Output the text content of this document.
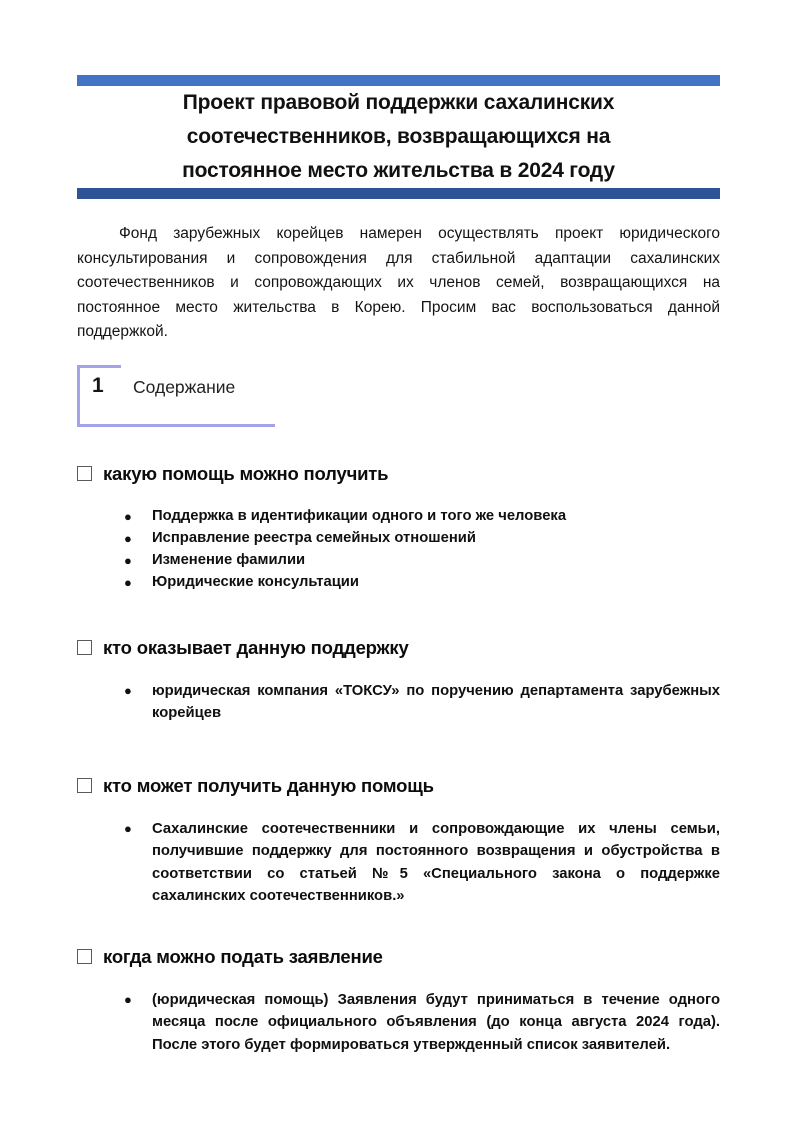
Проект правовой поддержки сахалинских
соотечественников, возвращающихся на
постоянное место жительства в 2024 году

Фонд зарубежных корейцев намерен осуществлять проект юридического консультирования и сопровождения для стабильной адаптации сахалинских соотечественников и сопровождающих их членов семей, возвращающихся на постоянное место жительства в Корею. Просим вас воспользоваться данной поддержкой.

1 Содержание
какую помощь можно получить
● Поддержка в идентификации одного и того же человека
● Исправление реестра семейных отношений
● Изменение фамилии
● Юридические консультации
кто оказывает данную поддержку
● юридическая компания «ТОКСУ» по поручению департамента зарубежных корейцев
кто может получить данную помощь
● Сахалинские соотечественники и сопровождающие их члены семьи, получившие поддержку для постоянного возвращения и обустройства в соответствии со статьей №5 «Специального закона о поддержке сахалинских соотечественников.»
когда можно подать заявление
● (юридическая помощь) Заявления будут приниматься в течение одного месяца после официального объявления (до конца августа 2024 года). После этого будет формироваться утвержденный список заявителей.
